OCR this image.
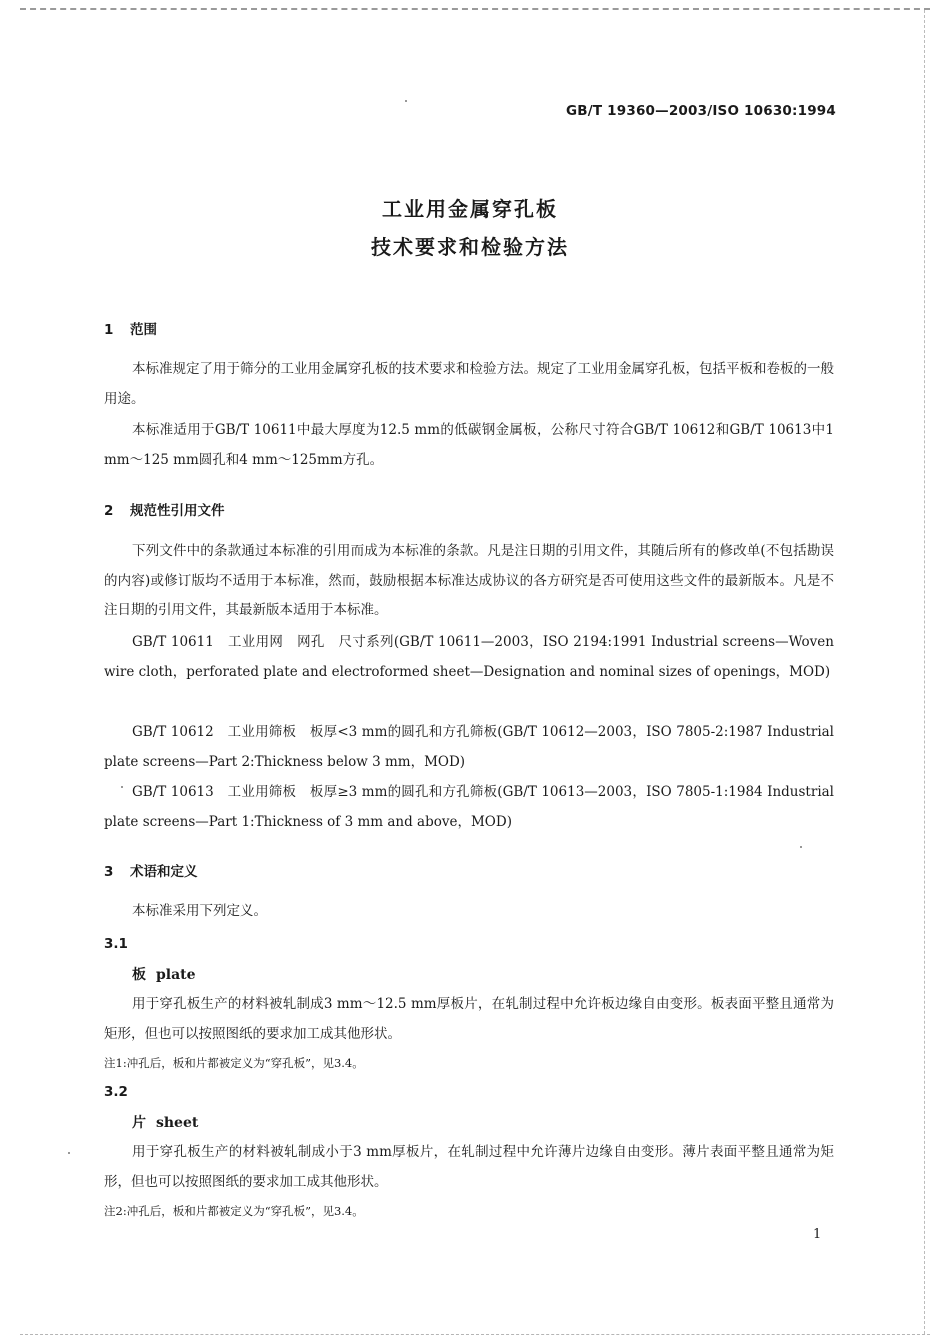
GB/T 19360—2003/ISO 10630:1994
工业用金属穿孔板
技术要求和检验方法
1 范围
本标准规定了用于筛分的工业用金属穿孔板的技术要求和检验方法。规定了工业用金属穿孔板，包括平板和卷板的一般用途。
本标准适用于GB/T 10611中最大厚度为12.5 mm的低碳钢金属板，公称尺寸符合GB/T 10612和GB/T 10613中1 mm～125 mm圆孔和4 mm～125mm方孔。
2 规范性引用文件
下列文件中的条款通过本标准的引用而成为本标准的条款。凡是注日期的引用文件，其随后所有的修改单(不包括勘误的内容)或修订版均不适用于本标准，然而，鼓励根据本标准达成协议的各方研究是否可使用这些文件的最新版本。凡是不注日期的引用文件，其最新版本适用于本标准。
GB/T 10611　工业用网　网孔　尺寸系列(GB/T 10611—2003，ISO 2194:1991 Industrial screens—Woven wire cloth，perforated plate and electroformed sheet—Designation and nominal sizes of openings，MOD)
GB/T 10612　工业用筛板　板厚<3 mm的圆孔和方孔筛板(GB/T 10612—2003，ISO 7805-2:1987 Industrial plate screens—Part 2:Thickness below 3 mm，MOD)
GB/T 10613　工业用筛板　板厚≥3 mm的圆孔和方孔筛板(GB/T 10613—2003，ISO 7805-1:1984 Industrial plate screens—Part 1:Thickness of 3 mm and above，MOD)
3 术语和定义
本标准采用下列定义。
3.1
板 plate
用于穿孔板生产的材料被轧制成3 mm～12.5 mm厚板片，在轧制过程中允许板边缘自由变形。板表面平整且通常为矩形，但也可以按照图纸的要求加工成其他形状。
注1:冲孔后，板和片都被定义为“穿孔板”，见3.4。
3.2
片 sheet
用于穿孔板生产的材料被轧制成小于3 mm厚板片，在轧制过程中允许薄片边缘自由变形。薄片表面平整且通常为矩形，但也可以按照图纸的要求加工成其他形状。
注2:冲孔后，板和片都被定义为“穿孔板”，见3.4。
1
